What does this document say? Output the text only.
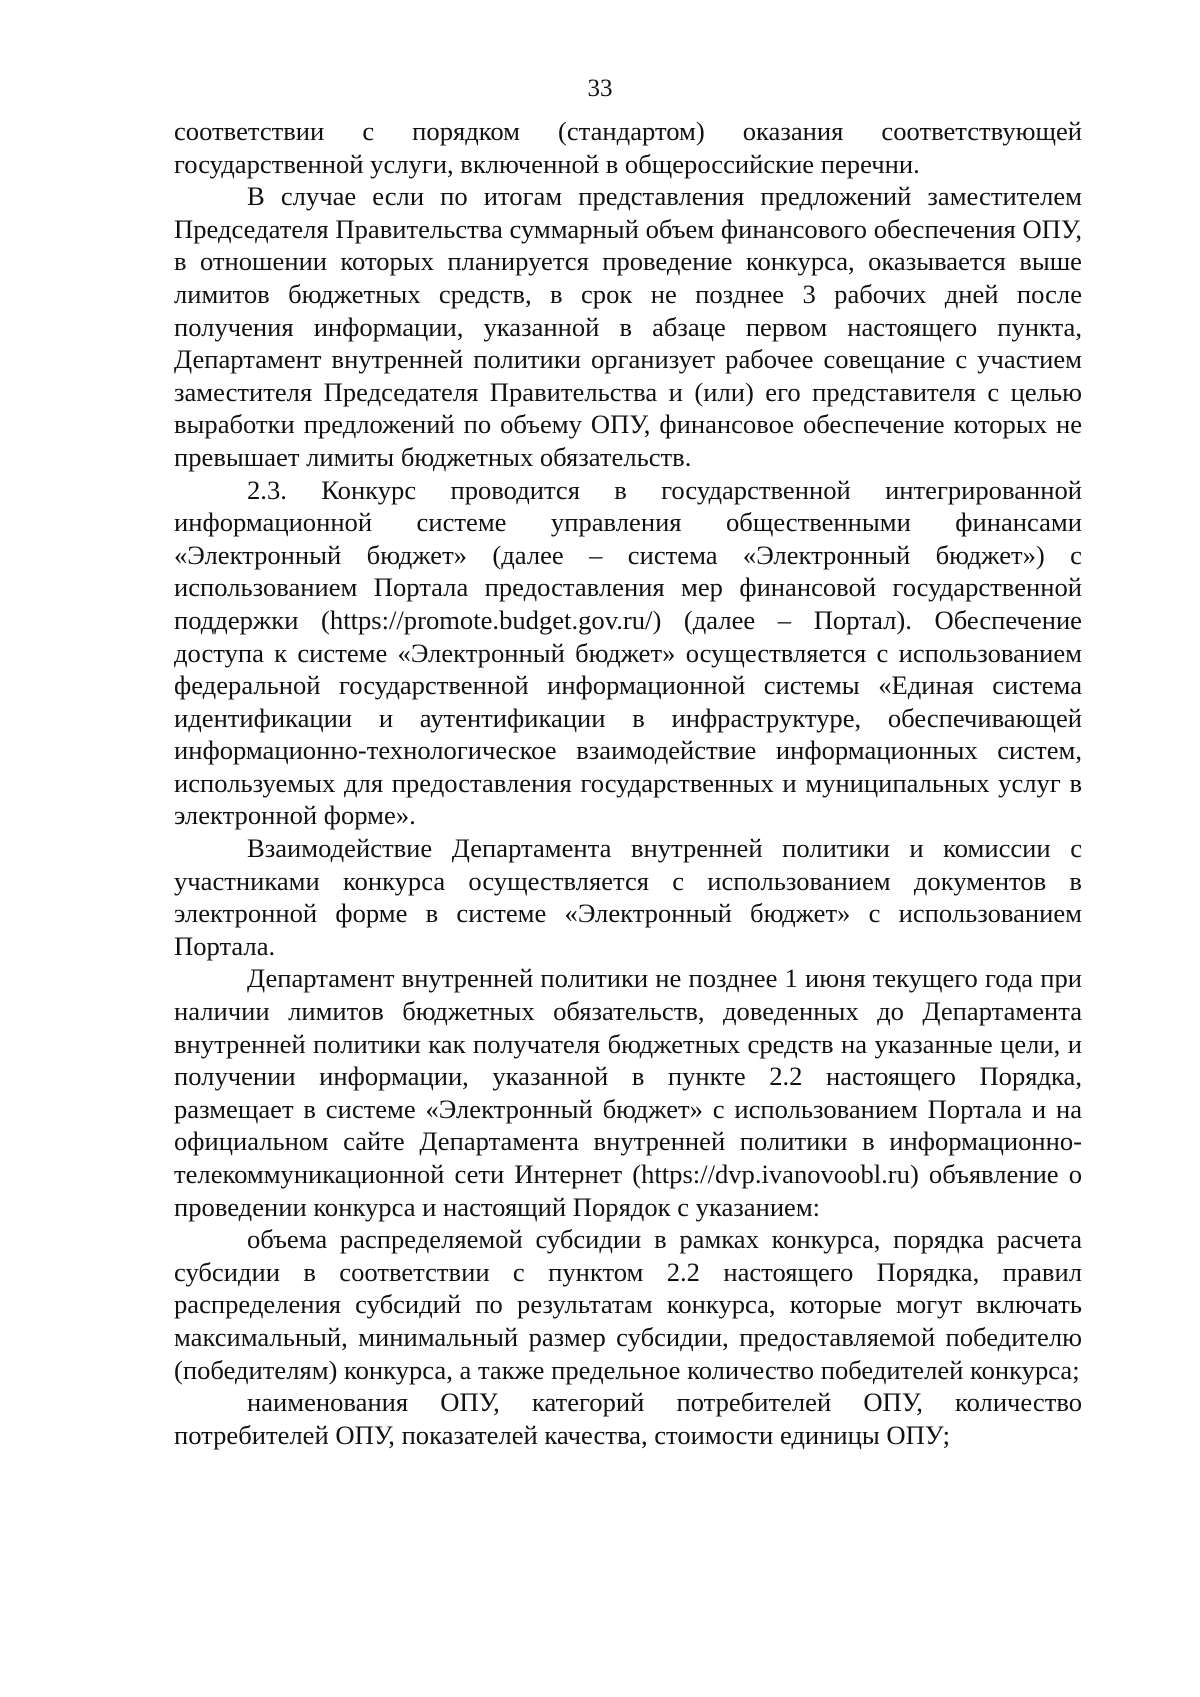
33

соответствии с порядком (стандартом) оказания соответствующей государственной услуги, включенной в общероссийские перечни.

В случае если по итогам представления предложений заместителем Председателя Правительства суммарный объем финансового обеспечения ОПУ, в отношении которых планируется проведение конкурса, оказывается выше лимитов бюджетных средств, в срок не позднее 3 рабочих дней после получения информации, указанной в абзаце первом настоящего пункта, Департамент внутренней политики организует рабочее совещание с участием заместителя Председателя Правительства и (или) его представителя с целью выработки предложений по объему ОПУ, финансовое обеспечение которых не превышает лимиты бюджетных обязательств.

2.3. Конкурс проводится в государственной интегрированной информационной системе управления общественными финансами «Электронный бюджет» (далее – система «Электронный бюджет») с использованием Портала предоставления мер финансовой государственной поддержки (https://promote.budget.gov.ru/) (далее – Портал). Обеспечение доступа к системе «Электронный бюджет» осуществляется с использованием федеральной государственной информационной системы «Единая система идентификации и аутентификации в инфраструктуре, обеспечивающей информационно-технологическое взаимодействие информационных систем, используемых для предоставления государственных и муниципальных услуг в электронной форме».

Взаимодействие Департамента внутренней политики и комиссии с участниками конкурса осуществляется с использованием документов в электронной форме в системе «Электронный бюджет» с использованием Портала.

Департамент внутренней политики не позднее 1 июня текущего года при наличии лимитов бюджетных обязательств, доведенных до Департамента внутренней политики как получателя бюджетных средств на указанные цели, и получении информации, указанной в пункте 2.2 настоящего Порядка, размещает в системе «Электронный бюджет» с использованием Портала и на официальном сайте Департамента внутренней политики в информационно-телекоммуникационной сети Интернет (https://dvp.ivanovoobl.ru) объявление о проведении конкурса и настоящий Порядок с указанием:

объема распределяемой субсидии в рамках конкурса, порядка расчета субсидии в соответствии с пунктом 2.2 настоящего Порядка, правил распределения субсидий по результатам конкурса, которые могут включать максимальный, минимальный размер субсидии, предоставляемой победителю (победителям) конкурса, а также предельное количество победителей конкурса;

наименования ОПУ, категорий потребителей ОПУ, количество потребителей ОПУ, показателей качества, стоимости единицы ОПУ;
